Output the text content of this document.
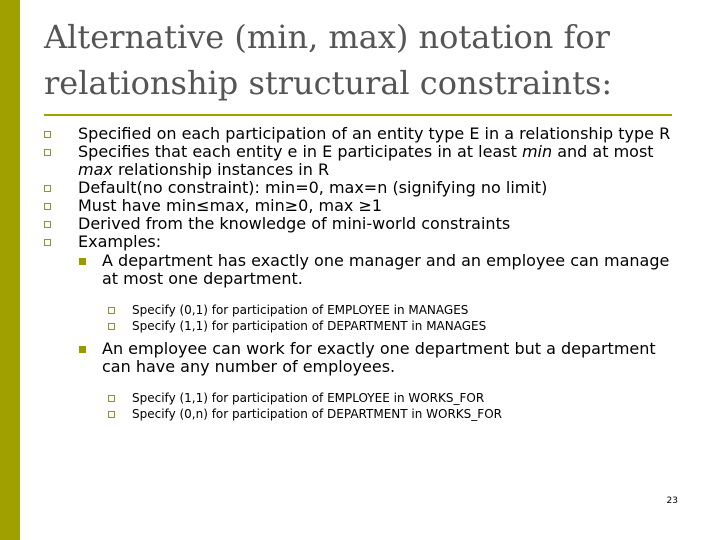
Alternative (min, max) notation for relationship structural constraints:
Specified on each participation of an entity type E in a relationship type R
Specifies that each entity e in E participates in at least min and at most max relationship instances in R
Default(no constraint): min=0, max=n (signifying no limit)
Must have min≤max, min≥0, max ≥1
Derived from the knowledge of mini-world constraints
Examples:
A department has exactly one manager and an employee can manage at most one department.
Specify (0,1) for participation of EMPLOYEE in MANAGES
Specify (1,1) for participation of DEPARTMENT in MANAGES
An employee can work for exactly one department but a department can have any number of employees.
Specify (1,1) for participation of EMPLOYEE in WORKS_FOR
Specify (0,n) for participation of DEPARTMENT in WORKS_FOR
23
